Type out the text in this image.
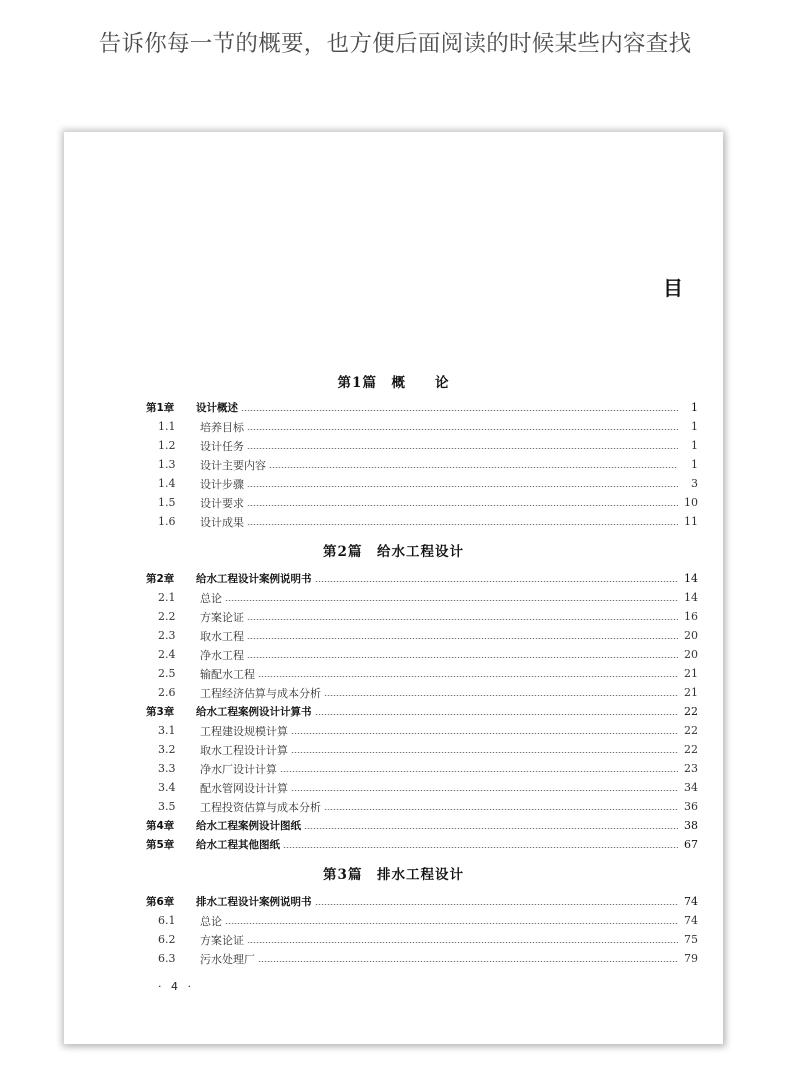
告诉你每一节的概要，也方便后面阅读的时候某些内容查找
目
第1篇　概　　论
第2篇　给水工程设计
第3篇　排水工程设计
第1章	设计概述	1
1.1	培养目标	1
1.2	设计任务	1
1.3	设计主要内容	1
1.4	设计步骤	3
1.5	设计要求	10
1.6	设计成果	11
第2章	给水工程设计案例说明书	14
2.1	总论	14
2.2	方案论证	16
2.3	取水工程	20
2.4	净水工程	20
2.5	输配水工程	21
2.6	工程经济估算与成本分析	21
第3章	给水工程案例设计计算书	22
3.1	工程建设规模计算	22
3.2	取水工程设计计算	22
3.3	净水厂设计计算	23
3.4	配水管网设计计算	34
3.5	工程投资估算与成本分析	36
第4章	给水工程案例设计图纸	38
第5章	给水工程其他图纸	67
第6章	排水工程设计案例说明书	74
6.1	总论	74
6.2	方案论证	75
6.3	污水处理厂	79
· 4 ·
